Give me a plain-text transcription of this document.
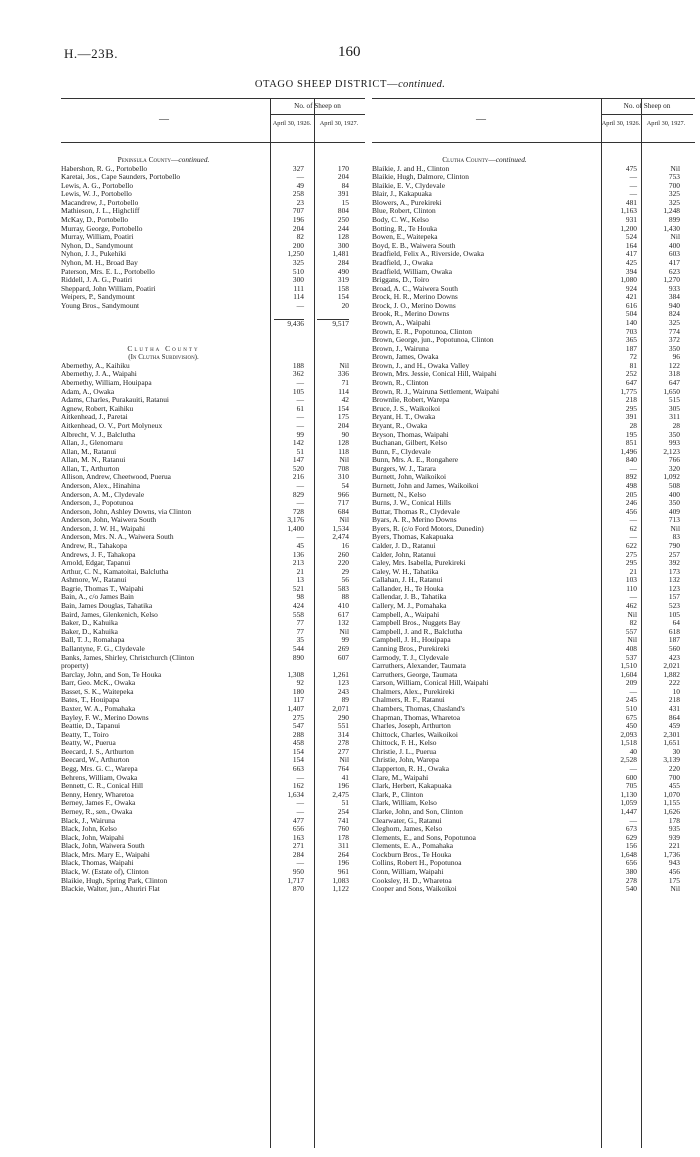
H.—23B.	160
OTAGO SHEEP DISTRICT—continued.
—
No. of Sheep on
April 30, 1926.	April 30, 1927.
Peninsula County—continued.
Habershon, R. G., Portobello	327	170
Karetai, Jos., Cape Saunders, Portobello	—	204
Lewis, A. G., Portobello	49	84
Lewis, W. J., Portobello	258	391
Macandrew, J., Portobello	23	15
Mathieson, J. L., Highcliff	707	804
McKay, D., Portobello	196	250
Murray, George, Portobello	204	244
Murray, William, Poatiri	82	128
Nyhon, D., Sandymount	200	300
Nyhon, J. J., Pukehiki	1,250	1,481
Nyhon, M. H., Broad Bay	325	284
Paterson, Mrs. E. L., Portobello	510	490
Riddell, J. A. G., Poatiri	300	319
Sheppard, John William, Poatiri	111	158
Weipers, P., Sandymount	114	154
Young Bros., Sandymount	—	20
9,436	9,517
Clutha County
(In Clutha Subdivision).
Abernethy, A., Kaihiku	188	Nil
Abernethy, J. A., Waipahi	362	336
Abernethy, William, Houipapa	—	71
Adam, A., Owaka	105	114
Adams, Charles, Purakauiti, Ratanui	—	42
Agnew, Robert, Kaihiku	61	154
Aitkenhead, J., Paretai	—	175
Aitkenhead, O. V., Port Molyneux	—	204
Albrecht, V. J., Balclutha	99	90
Allan, J., Glenomaru	142	128
Allan, M., Ratanui	51	118
Allan, M. N., Ratanui	147	Nil
Allan, T., Arthurton	520	708
Allison, Andrew, Cheetwood, Puerua	216	310
Anderson, Alex., Hinahina	—	54
Anderson, A. M., Clydevale	829	966
Anderson, J., Popotunoa	—	717
Anderson, John, Ashley Downs, via Clinton	728	684
Anderson, John, Waiwera South	3,176	Nil
Anderson, J. W. H., Waipahi	1,400	1,534
Anderson, Mrs. N. A., Waiwera South	—	2,474
Andrew, R., Tahakopa	45	16
Andrews, J. F., Tahakopa	136	260
Arnold, Edgar, Tapanui	213	220
Arthur, C. N., Kamatoitai, Balclutha	21	29
Ashmore, W., Ratanui	13	56
Bagrie, Thomas T., Waipahi	521	583
Bain, A., c/o James Bain	98	88
Bain, James Douglas, Tahatika	424	410
Baird, James, Glenkenich, Kelso	558	617
Baker, D., Kahuika	77	132
Baker, D., Kahuika	77	Nil
Ball, T. J., Romahapa	35	99
Ballantyne, F. G., Clydevale	544	269
Banks, James, Shirley, Christchurch (Clinton	890	607
property)
Barclay, John, and Son, Te Houka	1,308	1,261
Barr, Geo. McK., Owaka	92	123
Basset, S. K., Waitepeka	180	243
Bates, T., Houipapa	117	89
Baxter, W. A., Pomahaka	1,407	2,071
Bayley, F. W., Merino Downs	275	290
Beattie, D., Tapanui	547	551
Beatty, T., Toiro	288	314
Beatty, W., Puerua	458	278
Beecard, J. S., Arthurton	154	277
Beecard, W., Arthurton	154	Nil
Begg, Mrs. G. C., Warepa	663	764
Behrens, William, Owaka	—	41
Bennett, C. R., Conical Hill	162	196
Benny, Henry, Wharetoa	1,634	2,475
Berney, James F., Owaka	—	51
Berney, R., sen., Owaka	—	254
Black, J., Wairuna	477	741
Black, John, Kelso	656	760
Black, John, Waipahi	163	178
Black, John, Waiwera South	271	311
Black, Mrs. Mary E., Waipahi	284	264
Black, Thomas, Waipahi	—	196
Black, W. (Estate of), Clinton	950	961
Blaikie, Hugh, Spring Park, Clinton	1,717	1,083
Blackie, Walter, jun., Ahuriri Flat	870	1,122
—
No. of Sheep on
April 30, 1926.	April 30, 1927.
Clutha County—continued.
Blaikie, J. and H., Clinton	475	Nil
Blaikie, Hugh, Dalmore, Clinton	—	753
Blaikie, E. V., Clydevale	—	700
Blair, J., Kakapuaka	—	325
Blowers, A., Purekireki	481	325
Blue, Robert, Clinton	1,163	1,248
Body, C. W., Kelso	931	899
Botting, R., Te Houka	1,200	1,430
Bowen, E., Waitepeka	524	Nil
Boyd, E. B., Waiwera South	164	400
Bradfield, Felix A., Riverside, Owaka	417	603
Bradfield, J., Owaka	425	417
Bradfield, William, Owaka	394	623
Briggans, D., Toiro	1,080	1,270
Broad, A. C., Waiwera South	924	933
Brock, H. R., Merino Downs	421	384
Brock, J. O., Merino Downs	616	940
Brook, R., Merino Downs	504	824
Brown, A., Waipahi	140	325
Brown, E. R., Popotunoa, Clinton	703	774
Brown, George, jun., Popotunoa, Clinton	365	372
Brown, J., Wairuna	187	350
Brown, James, Owaka	72	96
Brown, J., and H., Owaka Valley	81	122
Brown, Mrs. Jessie, Conical Hill, Waipahi	252	318
Brown, R., Clinton	647	647
Brown, R. J., Wairuna Settlement, Waipahi	1,775	1,650
Brownlie, Robert, Warepa	218	515
Bruce, J. S., Waikoikoi	295	305
Bryant, H. T., Owaka	391	311
Bryant, R., Owaka	28	28
Bryson, Thomas, Waipahi	195	350
Buchanan, Gilbert, Kelso	851	993
Bunn, F., Clydevale	1,496	2,123
Bunn, Mrs. A. E., Rongahere	840	766
Burgers, W. J., Tarara	—	320
Burnett, John, Waikoikoi	892	1,092
Burnett, John and James, Waikoikoi	498	508
Burnett, N., Kelso	205	400
Burns, J. W., Conical Hills	246	350
Buttar, Thomas R., Clydevale	456	409
Byars, A. R., Merino Downs	—	713
Byers, R. (c/o Ford Motors, Dunedin)	62	Nil
Byers, Thomas, Kakapuaka	—	83
Calder, J. D., Ratanui	622	790
Calder, John, Ratanui	275	257
Caley, Mrs. Isabella, Purekireki	295	392
Caley, W. H., Tahatika	21	173
Callahan, J. H., Ratanui	103	132
Callander, H., Te Houka	110	123
Callendar, J. B., Tahatika	—	157
Callery, M. J., Pomahaka	462	523
Campbell, A., Waipahi	Nil	105
Campbell Bros., Nuggets Bay	82	64
Campbell, J. and R., Balclutha	557	618
Campbell, J. H., Houipapa	Nil	187
Canning Bros., Purekireki	408	560
Carmody, T. J., Clydevale	537	423
Carruthers, Alexander, Taumata	1,510	2,021
Carruthers, George, Taumata	1,604	1,882
Carson, William, Conical Hill, Waipahi	209	222
Chalmers, Alex., Purekireki	—	10
Chalmers, R. F., Ratanui	245	218
Chambers, Thomas, Chasland's	510	431
Chapman, Thomas, Wharetoa	675	864
Charles, Joseph, Arthurton	450	459
Chittock, Charles, Waikoikoi	2,093	2,301
Chittock, F. H., Kelso	1,518	1,651
Christie, J. L., Puerua	40	30
Christie, John, Warepa	2,528	3,139
Clapperton, R. H., Owaka	—	220
Clare, M., Waipahi	600	700
Clark, Herbert, Kakapuaka	705	455
Clark, P., Clinton	1,130	1,070
Clark, William, Kelso	1,059	1,155
Clarke, John, and Son, Clinton	1,447	1,626
Clearwater, G., Ratanui	—	178
Cleghorn, James, Kelso	673	935
Clements, E., and Sons, Popotunoa	629	939
Clements, E. A., Pomahaka	156	221
Cockburn Bros., Te Houka	1,648	1,736
Collins, Robert H., Popotunoa	656	943
Conn, William, Waipahi	380	456
Cooksley, H. D., Wharetoa	278	175
Cooper and Sons, Waikoikoi	540	Nil
